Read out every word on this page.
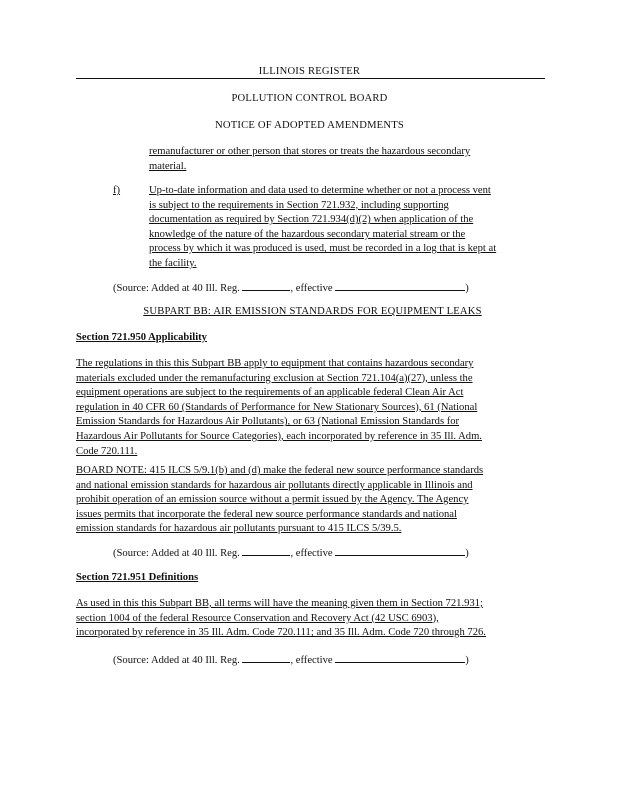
ILLINOIS REGISTER
POLLUTION CONTROL BOARD
NOTICE OF ADOPTED AMENDMENTS
remanufacturer or other person that stores or treats the hazardous secondary
material.
f)	Up-to-date information and data used to determine whether or not a process vent
is subject to the requirements in Section 721.932, including supporting
documentation as required by Section 721.934(d)(2) when application of the
knowledge of the nature of the hazardous secondary material stream or the
process by which it was produced is used, must be recorded in a log that is kept at
the facility.
(Source: Added at 40 Ill. Reg.	, effective	)
SUBPART BB: AIR EMISSION STANDARDS FOR EQUIPMENT LEAKS
Section 721.950 Applicability
The regulations in this this Subpart BB apply to equipment that contains hazardous secondary
materials excluded under the remanufacturing exclusion at Section 721.104(a)(27), unless the
equipment operations are subject to the requirements of an applicable federal Clean Air Act
regulation in 40 CFR 60 (Standards of Performance for New Stationary Sources), 61 (National
Emission Standards for Hazardous Air Pollutants), or 63 (National Emission Standards for
Hazardous Air Pollutants for Source Categories), each incorporated by reference in 35 Ill. Adm.
Code 720.111.
BOARD NOTE: 415 ILCS 5/9.1(b) and (d) make the federal new source performance standards
and national emission standards for hazardous air pollutants directly applicable in Illinois and
prohibit operation of an emission source without a permit issued by the Agency. The Agency
issues permits that incorporate the federal new source performance standards and national
emission standards for hazardous air pollutants pursuant to 415 ILCS 5/39.5.
(Source: Added at 40 Ill. Reg.	, effective	)
Section 721.951 Definitions
As used in this this Subpart BB, all terms will have the meaning given them in Section 721.931;
section 1004 of the federal Resource Conservation and Recovery Act (42 USC 6903),
incorporated by reference in 35 Ill. Adm. Code 720.111; and 35 Ill. Adm. Code 720 through 726.
(Source: Added at 40 Ill. Reg.	, effective	)
